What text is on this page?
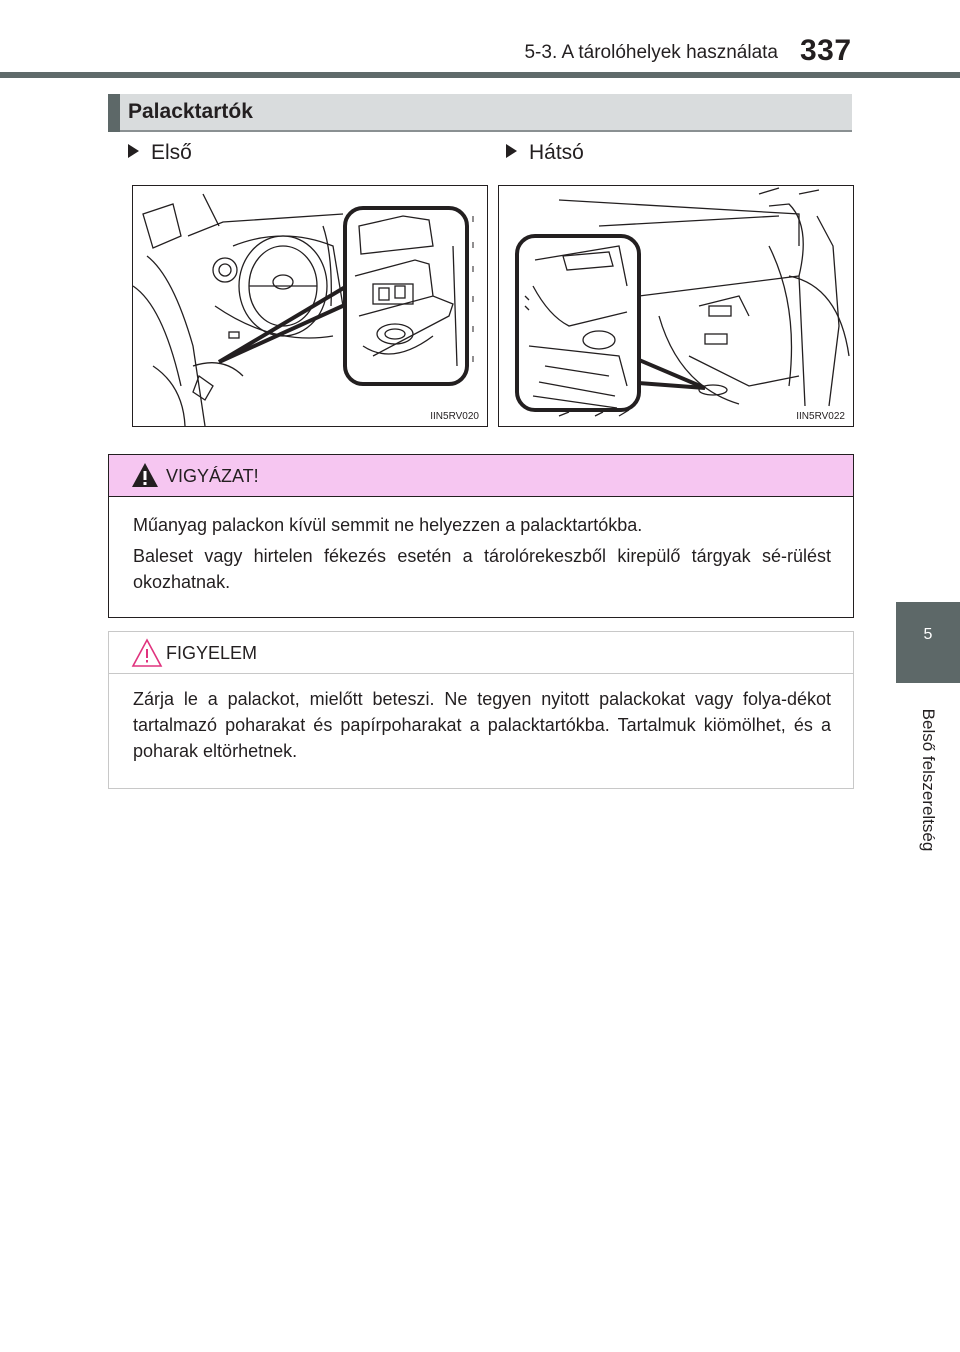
5-3. A tárolóhelyek használata 337
5
Belső felszereltség
Palacktartók
Első	Hátsó
IIN5RV020	IIN5RV022
VIGYÁZAT!
Műanyag palackon kívül semmit ne helyezzen a palacktartókba.
Baleset vagy hirtelen fékezés esetén a tárolórekeszből kirepülő tárgyak sé-rülést okozhatnak.
FIGYELEM
Zárja le a palackot, mielőtt beteszi. Ne tegyen nyitott palackokat vagy folya-dékot tartalmazó poharakat és papírpoharakat a palacktartókba. Tartalmuk kiömölhet, és a poharak eltörhetnek.
